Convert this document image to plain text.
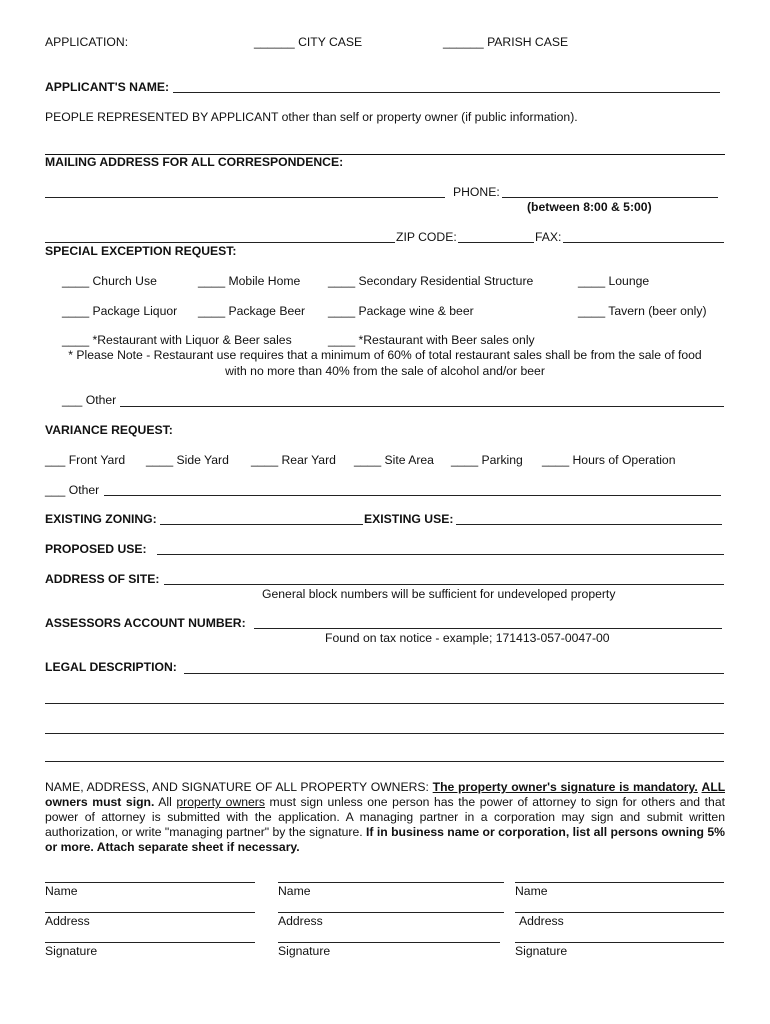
APPLICATION:	______ CITY CASE	______ PARISH CASE
APPLICANT'S NAME:
PEOPLE REPRESENTED BY APPLICANT other than self or property owner (if public information).
MAILING ADDRESS FOR ALL CORRESPONDENCE:
PHONE:
(between 8:00 & 5:00)
ZIP CODE:	FAX:
SPECIAL EXCEPTION REQUEST:
____ Church Use	____ Mobile Home ____ Secondary Residential Structure	____ Lounge
____ Package Liquor ____ Package Beer ____ Package wine & beer	____ Tavern (beer only)
____ *Restaurant with Liquor & Beer sales	____ *Restaurant with Beer sales only
* Please Note - Restaurant use requires that a minimum of 60% of total restaurant sales shall be from the sale of food
with no more than 40% from the sale of alcohol and/or beer
___ Other
VARIANCE REQUEST:
___ Front Yard ____ Side Yard ____ Rear Yard ____ Site Area ____ Parking ____ Hours of Operation
___ Other
EXISTING ZONING:	EXISTING USE:
PROPOSED USE:
ADDRESS OF SITE:
General block numbers will be sufficient for undeveloped property
ASSESSORS ACCOUNT NUMBER:
Found on tax notice - example; 171413-057-0047-00
LEGAL DESCRIPTION:
NAME, ADDRESS, AND SIGNATURE OF ALL PROPERTY OWNERS: The property owner's signature is mandatory. ALL owners must sign. All property owners must sign unless one person has the power of attorney to sign for others and that power of attorney is submitted with the application. A managing partner in a corporation may sign and submit written authorization, or write "managing partner" by the signature. If in business name or corporation, list all persons owning 5% or more. Attach separate sheet if necessary.
Name	Name	Name
Address	Address	Address
Signature	Signature	Signature
